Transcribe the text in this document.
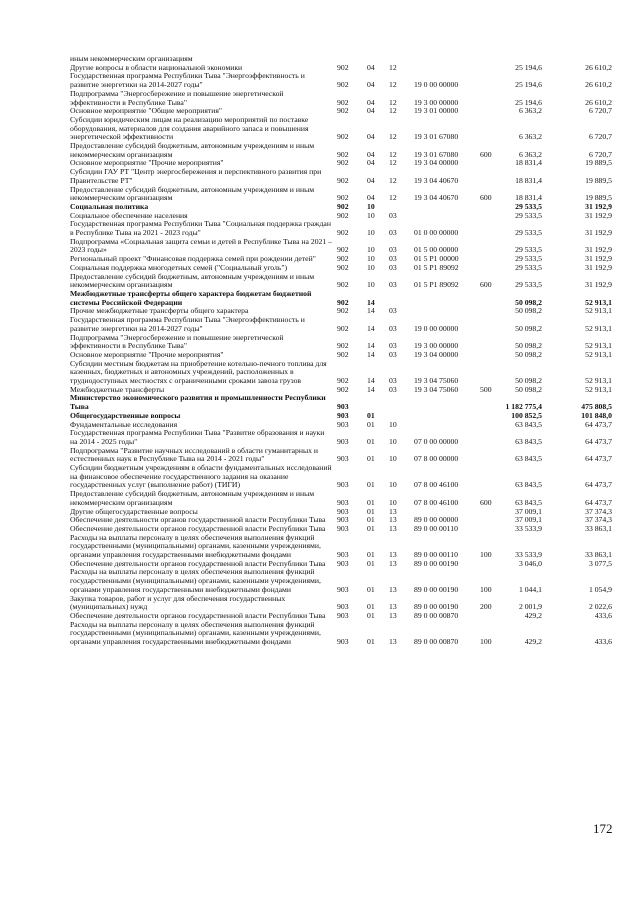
иным некоммерческим организациям
Другие вопросы в области национальной экономики	902 04 12	25 194,6	26 610,2
Государственная программа Республики Тыва "Энергоэффективность и развитие энергетики на 2014-2027 годы"	902 04 12 19 0 00 00000	25 194,6	26 610,2
Подпрограмма "Энергосбережение и повышение энергетической эффективности в Республике Тыва"	902 04 12 19 3 00 00000	25 194,6	26 610,2
Основное мероприятие "Общие мероприятия"	902 04 12 19 3 01 00000	6 363,2	6 720,7
Субсидии юридическим лицам на реализацию мероприятий по поставке оборудования, материалов для создания аварийного запаса и повышения энергетической эффективности	902 04 12 19 3 01 67080	6 363,2	6 720,7
Предоставление субсидий бюджетным, автономным учреждениям и иным некоммерческим организациям	902 04 12 19 3 01 67080	600	6 363,2	6 720,7
Основное мероприятие "Прочие мероприятия"	902 04 12 19 3 04 00000	18 831,4	19 889,5
Субсидии ГАУ РТ "Центр энергосбережения и перспективного развития при Правительстве РТ"	902 04 12 19 3 04 40670	18 831,4	19 889,5
Предоставление субсидий бюджетным, автономным учреждениям и иным некоммерческим организациям	902 04 12 19 3 04 40670	600	18 831,4	19 889,5
Социальная политика	902 10	29 533,5	31 192,9
Социальное обеспечение населения	902 10 03	29 533,5	31 192,9
Государственная программа Республики Тыва "Социальная поддержка граждан в Республике Тыва на 2021 - 2023 годы"	902 10 03 01 0 00 00000	29 533,5	31 192,9
Подпрограмма «Социальная защита семьи и детей в Республике Тыва на 2021 – 2023 годы»	902 10 03 01 5 00 00000	29 533,5	31 192,9
Региональный проект "Финансовая поддержка семей при рождении детей"	902 10 03 01 5 P1 00000	29 533,5	31 192,9
Социальная поддержка многодетных семей ("Социальный уголь")	902 10 03 01 5 P1 89092	29 533,5	31 192,9
Предоставление субсидий бюджетным, автономным учреждениям и иным некоммерческим организациям	902 10 03 01 5 P1 89092	600	29 533,5	31 192,9
Межбюджетные трансферты общего характера бюджетам бюджетной системы Российской Федерации	902 14	50 098,2	52 913,1
Прочие межбюджетные трансферты общего характера	902 14 03	50 098,2	52 913,1
Государственная программа Республики Тыва "Энергоэффективность и развитие энергетики на 2014-2027 годы"	902 14 03 19 0 00 00000	50 098,2	52 913,1
Подпрограмма "Энергосбережение и повышение энергетической эффективности в Республике Тыва"	902 14 03 19 3 00 00000	50 098,2	52 913,1
Основное мероприятие "Прочие мероприятия"	902 14 03 19 3 04 00000	50 098,2	52 913,1
Субсидии местным бюджетам на приобретение котельно-печного топлива для казенных, бюджетных и автономных учреждений, расположенных в труднодоступных местностях с ограниченными сроками завоза грузов	902 14 03 19 3 04 75060	50 098,2	52 913,1
Межбюджетные трансферты	902 14 03 19 3 04 75060	500	50 098,2	52 913,1
Министерство экономического развития и промышленности Республики Тыва	903	1 182 775,4	475 808,5
Общегосударственные вопросы	903 01	100 852,5	101 848,0
Фундаментальные исследования	903 01 10	63 843,5	64 473,7
Государственная программа Республики Тыва "Развитие образования и науки на 2014 - 2025 годы"	903 01 10 07 0 00 00000	63 843,5	64 473,7
Подпрограмма "Развитие научных исследований в области гуманитарных и естественных наук в Республике Тыва на 2014 - 2021 годы"	903 01 10 07 8 00 00000	63 843,5	64 473,7
Субсидии бюджетным учреждениям в области фундаментальных исследований на финансовое обеспечение государственного задания на оказание государственных услуг (выполнение работ) (ТИГИ)	903 01 10 07 8 00 46100	63 843,5	64 473,7
Предоставление субсидий бюджетным, автономным учреждениям и иным некоммерческим организациям	903 01 10 07 8 00 46100	600	63 843,5	64 473,7
Другие общегосударственные вопросы	903 01 13	37 009,1	37 374,3
Обеспечение деятельности органов государственной власти Республики Тыва	903 01 13 89 0 00 00000	37 009,1	37 374,3
Обеспечение деятельности органов государственной власти Республики Тыва	903 01 13 89 0 00 00110	33 533,9	33 863,1
Расходы на выплаты персоналу в целях обеспечения выполнения функций государственными (муниципальными) органами, казенными учреждениями, органами управления государственными внебюджетными фондами	903 01 13 89 0 00 00110	100	33 533,9	33 863,1
Обеспечение деятельности органов государственной власти Республики Тыва	903 01 13 89 0 00 00190	3 046,0	3 077,5
Расходы на выплаты персоналу в целях обеспечения выполнения функций государственными (муниципальными) органами, казенными учреждениями, органами управления государственными внебюджетными фондами	903 01 13 89 0 00 00190	100	1 044,1	1 054,9
Закупка товаров, работ и услуг для обеспечения государственных (муниципальных) нужд	903 01 13 89 0 00 00190	200	2 001,9	2 022,6
Обеспечение деятельности органов государственной власти Республики Тыва	903 01 13 89 0 00 00870	429,2	433,6
Расходы на выплаты персоналу в целях обеспечения выполнения функций государственными (муниципальными) органами, казенными учреждениями, органами управления государственными внебюджетными фондами	903 01 13 89 0 00 00870	100	429,2	433,6
172
